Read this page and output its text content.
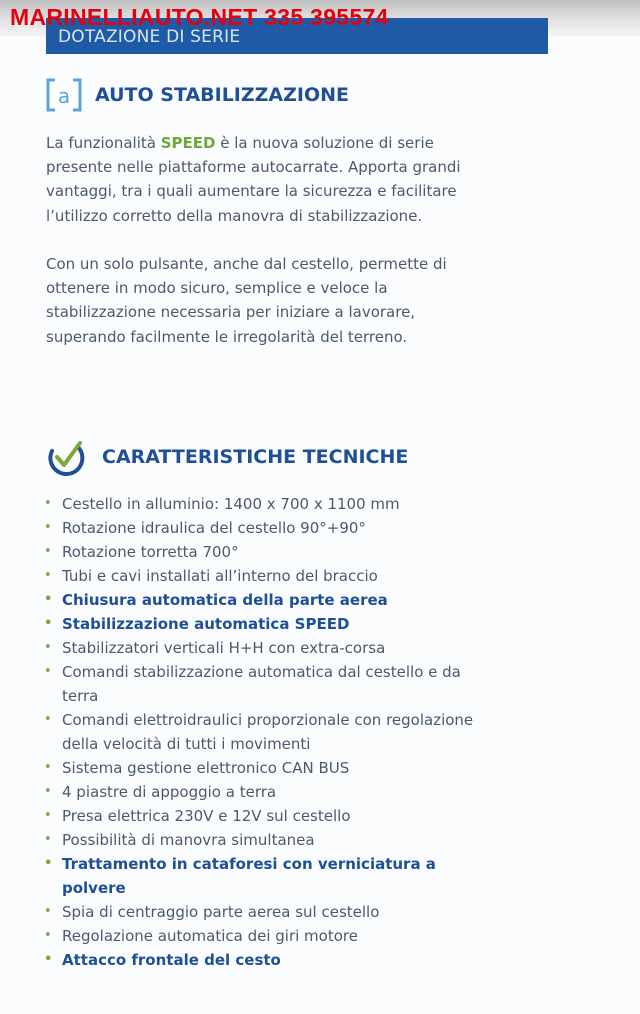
DOTAZIONE DI SERIE
MARINELLIAUTO.NET 335 395574
a AUTO STABILIZZAZIONE

La funzionalità SPEED è la nuova soluzione di serie presente nelle piattaforme autocarrate. Apporta grandi vantaggi, tra i quali aumentare la sicurezza e facilitare l’utilizzo corretto della manovra di stabilizzazione.

Con un solo pulsante, anche dal cestello, permette di ottenere in modo sicuro, semplice e veloce la stabilizzazione necessaria per iniziare a lavorare, superando facilmente le irregolarità del terreno.

CARATTERISTICHE TECNICHE
• Cestello in alluminio: 1400 x 700 x 1100 mm
• Rotazione idraulica del cestello 90°+90°
• Rotazione torretta 700°
• Tubi e cavi installati all’interno del braccio
• Chiusura automatica della parte aerea
• Stabilizzazione automatica SPEED
• Stabilizzatori verticali H+H con extra-corsa
• Comandi stabilizzazione automatica dal cestello e da terra
• Comandi elettroidraulici proporzionale con regolazione della velocità di tutti i movimenti
• Sistema gestione elettronico CAN BUS
• 4 piastre di appoggio a terra
• Presa elettrica 230V e 12V sul cestello
• Possibilità di manovra simultanea
• Trattamento in cataforesi con verniciatura a polvere
• Spia di centraggio parte aerea sul cestello
• Regolazione automatica dei giri motore
• Attacco frontale del cesto
